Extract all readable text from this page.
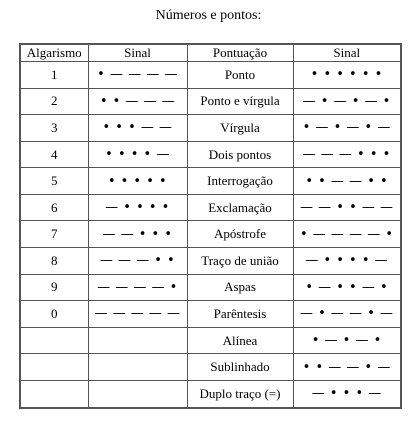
Números e pontos:
Algarismo	Sinal	Pontuação	Sinal
1	• — — — —	Ponto	• • • • • •
2	• • — — —	Ponto e vírgula	— • — • — •
3	• • • — —	Vírgula	• — • — • —
4	• • • • —	Dois pontos	— — — • • •
5	• • • • •	Interrogação	• • — — • •
6	— • • • •	Exclamação	— — • • — —
7	— — • • •	Apóstrofe	• — — — — •
8	— — — • •	Traço de união	— • • • • —
9	— — — — •	Aspas	• — • • — •
0	— — — — —	Parêntesis	— • — — • —
		Alínea	• — • — •
		Sublinhado	• • — — • —
		Duplo traço (=)	— • • • —
